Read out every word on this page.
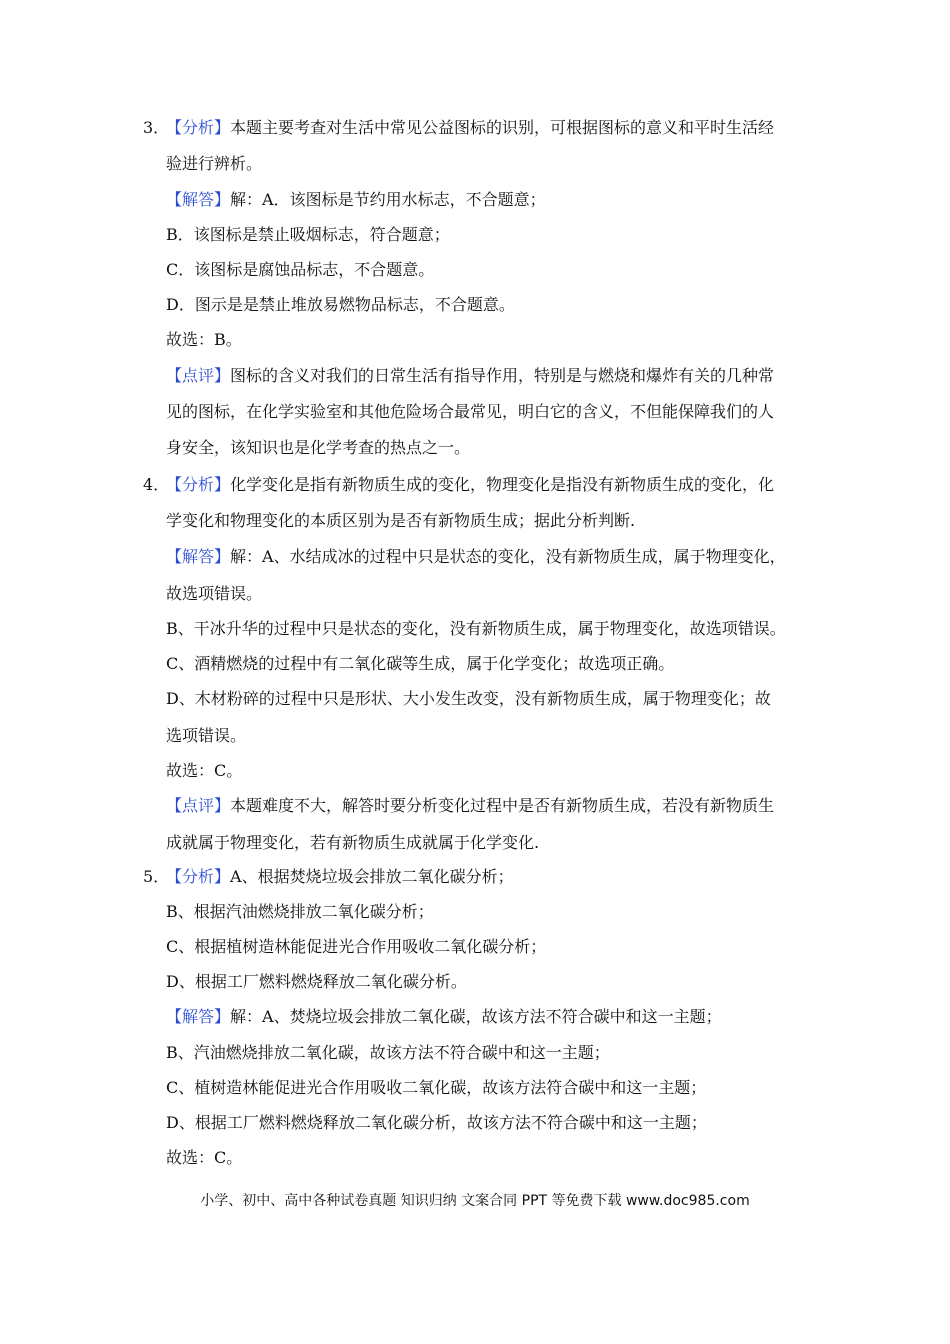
3．
【分析】本题主要考查对生活中常见公益图标的识别，可根据图标的意义和平时生活经
验进行辨析。
【解答】解：A．该图标是节约用水标志，不合题意；
B．该图标是禁止吸烟标志，符合题意；
C．该图标是腐蚀品标志，不合题意。
D．图示是是禁止堆放易燃物品标志，不合题意。
故选：B。
【点评】图标的含义对我们的日常生活有指导作用，特别是与燃烧和爆炸有关的几种常
见的图标，在化学实验室和其他危险场合最常见，明白它的含义，不但能保障我们的人
身安全，该知识也是化学考查的热点之一。
4．
【分析】化学变化是指有新物质生成的变化，物理变化是指没有新物质生成的变化，化
学变化和物理变化的本质区别为是否有新物质生成；据此分析判断.
【解答】解：A、水结成冰的过程中只是状态的变化，没有新物质生成，属于物理变化，
故选项错误。
B、干冰升华的过程中只是状态的变化，没有新物质生成，属于物理变化，故选项错误。
C、酒精燃烧的过程中有二氧化碳等生成，属于化学变化；故选项正确。
D、木材粉碎的过程中只是形状、大小发生改变，没有新物质生成，属于物理变化；故
选项错误。
故选：C。
【点评】本题难度不大，解答时要分析变化过程中是否有新物质生成，若没有新物质生
成就属于物理变化，若有新物质生成就属于化学变化.
5．
【分析】A、根据焚烧垃圾会排放二氧化碳分析；
B、根据汽油燃烧排放二氧化碳分析；
C、根据植树造林能促进光合作用吸收二氧化碳分析；
D、根据工厂燃料燃烧释放二氧化碳分析。
【解答】解：A、焚烧垃圾会排放二氧化碳，故该方法不符合碳中和这一主题；
B、汽油燃烧排放二氧化碳，故该方法不符合碳中和这一主题；
C、植树造林能促进光合作用吸收二氧化碳，故该方法符合碳中和这一主题；
D、根据工厂燃料燃烧释放二氧化碳分析，故该方法不符合碳中和这一主题；
故选：C。
小学、初中、高中各种试卷真题 知识归纳 文案合同 PPT 等免费下载 www.doc985.com
